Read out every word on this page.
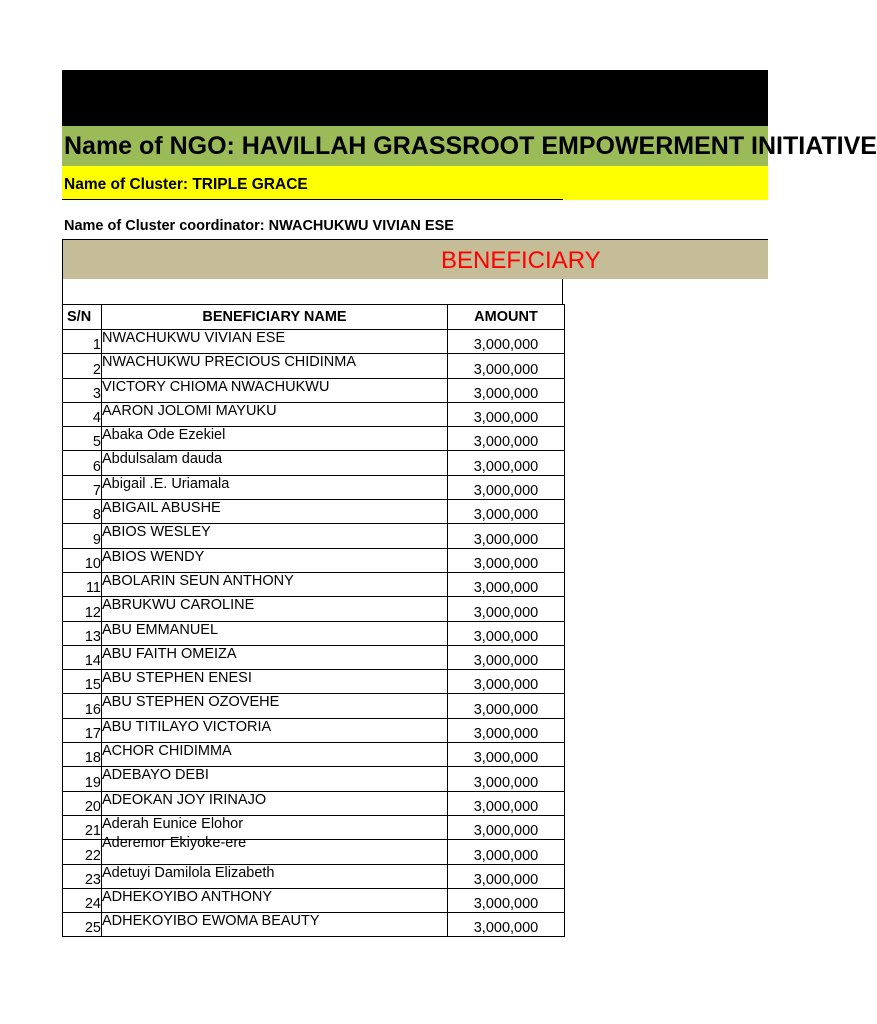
Name of NGO: HAVILLAH GRASSROOT EMPOWERMENT INITIATIVE
Name of Cluster: TRIPLE GRACE
Name of Cluster coordinator: NWACHUKWU VIVIAN ESE
BENEFICIARY
S/N	BENEFICIARY NAME	AMOUNT
1	NWACHUKWU VIVIAN ESE	3,000,000
2	NWACHUKWU PRECIOUS CHIDINMA	3,000,000
3	VICTORY CHIOMA NWACHUKWU	3,000,000
4	AARON JOLOMI MAYUKU	3,000,000
5	Abaka Ode Ezekiel	3,000,000
6	Abdulsalam dauda	3,000,000
7	Abigail .E. Uriamala	3,000,000
8	ABIGAIL ABUSHE	3,000,000
9	ABIOS WESLEY	3,000,000
10	ABIOS WENDY	3,000,000
11	ABOLARIN SEUN ANTHONY	3,000,000
12	ABRUKWU CAROLINE	3,000,000
13	ABU EMMANUEL	3,000,000
14	ABU FAITH OMEIZA	3,000,000
15	ABU STEPHEN ENESI	3,000,000
16	ABU STEPHEN OZOVEHE	3,000,000
17	ABU TITILAYO VICTORIA	3,000,000
18	ACHOR CHIDIMMA	3,000,000
19	ADEBAYO DEBI	3,000,000
20	ADEOKAN JOY IRINAJO	3,000,000
21	Aderah Eunice Elohor	3,000,000
22	Aderemor Ekiyoke-ere	3,000,000
23	Adetuyi Damilola Elizabeth	3,000,000
24	ADHEKOYIBO ANTHONY	3,000,000
25	ADHEKOYIBO EWOMA BEAUTY	3,000,000
